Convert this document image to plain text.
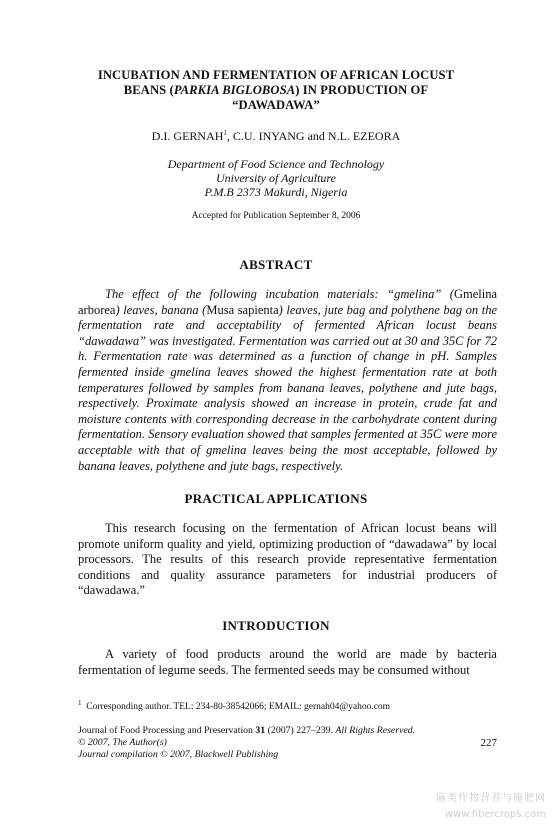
INCUBATION AND FERMENTATION OF AFRICAN LOCUST
BEANS (PARKIA BIGLOBOSA) IN PRODUCTION OF
“DAWADAWA”
D.I. GERNAH$^1$, C.U. INYANG and N.L. EZEORA
Department of Food Science and Technology
University of Agriculture
P.M.B 2373 Makurdi, Nigeria
Accepted for Publication September 8, 2006
ABSTRACT

The effect of the following incubation materials: “gmelina” (Gmelina arborea) leaves, banana (Musa sapienta) leaves, jute bag and polythene bag on the fermentation rate and acceptability of fermented African locust beans “dawadawa” was investigated. Fermentation was carried out at 30 and 35C for 72 h. Fermentation rate was determined as a function of change in pH. Samples fermented inside gmelina leaves showed the highest fermentation rate at both temperatures followed by samples from banana leaves, polythene and jute bags, respectively. Proximate analysis showed an increase in protein, crude fat and moisture contents with corresponding decrease in the carbohydrate content during fermentation. Sensory evaluation showed that samples fermented at 35C were more acceptable with that of gmelina leaves being the most acceptable, followed by banana leaves, polythene and jute bags, respectively.

PRACTICAL APPLICATIONS

This research focusing on the fermentation of African locust beans will promote uniform quality and yield, optimizing production of “dawadawa” by local processors. The results of this research provide representative fermentation conditions and quality assurance parameters for industrial producers of “dawadawa.”

INTRODUCTION

A variety of food products around the world are made by bacteria fermentation of legume seeds. The fermented seeds may be consumed without

$^1$ Corresponding author. TEL: 234-80-38542066; EMAIL: gernah04@yahoo.com
Journal of Food Processing and Preservation 31 (2007) 227–239. All Rights Reserved.
© 2007, The Author(s)	227
Journal compilation © 2007, Blackwell Publishing
麻类作物营养与施肥网
www.fibercrops.com
